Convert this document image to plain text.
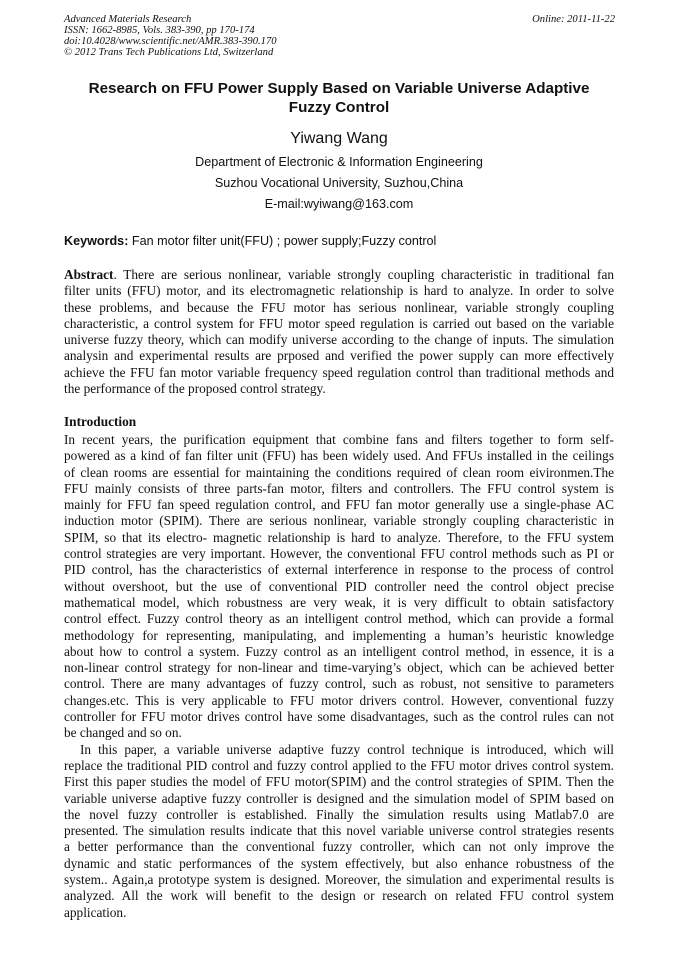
Advanced Materials Research
ISSN: 1662-8985, Vols. 383-390, pp 170-174
doi:10.4028/www.scientific.net/AMR.383-390.170
© 2012 Trans Tech Publications Ltd, Switzerland
Online: 2011-11-22
Research on FFU Power Supply Based on Variable Universe Adaptive
Fuzzy Control
Yiwang Wang
Department of Electronic & Information Engineering
Suzhou Vocational University, Suzhou,China
E-mail:wyiwang@163.com
Keywords: Fan motor filter unit(FFU) ; power supply;Fuzzy control
Abstract. There are serious nonlinear, variable strongly coupling characteristic in traditional fan
filter units (FFU) motor, and its electromagnetic relationship is hard to analyze. In order to solve
these problems, and because the FFU motor has serious nonlinear, variable strongly coupling
characteristic, a control system for FFU motor speed regulation is carried out based on the variable
universe fuzzy theory, which can modify universe according to the change of inputs. The simulation
analysin and experimental results are prposed and verified the power supply can more effectively
achieve the FFU fan motor variable frequency speed regulation control than traditional methods and
the performance of the proposed control strategy.
Introduction
In recent years, the purification equipment that combine fans and filters together to form self-
powered as a kind of fan filter unit (FFU) has been widely used. And FFUs installed in the ceilings
of clean rooms are essential for maintaining the conditions required of clean room eivironmen.The
FFU mainly consists of three parts-fan motor, filters and controllers. The FFU control system is
mainly for FFU fan speed regulation control, and FFU fan motor generally use a single-phase AC
induction motor (SPIM). There are serious nonlinear, variable strongly coupling characteristic in
SPIM, so that its electro- magnetic relationship is hard to analyze. Therefore, to the FFU system
control strategies are very important. However, the conventional FFU control methods such as PI or
PID control, has the characteristics of external interference in response to the process of control
without overshoot, but the use of conventional PID controller need the control object precise
mathematical model, which robustness are very weak, it is very difficult to obtain satisfactory
control effect. Fuzzy control theory as an intelligent control method, which can provide a formal
methodology for representing, manipulating, and implementing a human’s heuristic knowledge
about how to control a system. Fuzzy control as an intelligent control method, in essence, it is a
non-linear control strategy for non-linear and time-varying’s object, which can be achieved better
control. There are many advantages of fuzzy control, such as robust, not sensitive to parameters
changes.etc. This is very applicable to FFU motor drivers control. However, conventional fuzzy
controller for FFU motor drives control have some disadvantages, such as the control rules can not
be changed and so on.
In this paper, a variable universe adaptive fuzzy control technique is introduced, which will
replace the traditional PID control and fuzzy control applied to the FFU motor drives control system.
First this paper studies the model of FFU motor(SPIM) and the control strategies of SPIM. Then the
variable universe adaptive fuzzy controller is designed and the simulation model of SPIM based on
the novel fuzzy controller is established. Finally the simulation results using Matlab7.0 are
presented. The simulation results indicate that this novel variable universe control strategies resents
a better performance than the conventional fuzzy controller, which can not only improve the
dynamic and static performances of the system effectively, but also enhance robustness of the
system.. Again,a prototype system is designed. Moreover, the simulation and experimental results is
analyzed. All the work will benefit to the design or research on related FFU control system
application.
